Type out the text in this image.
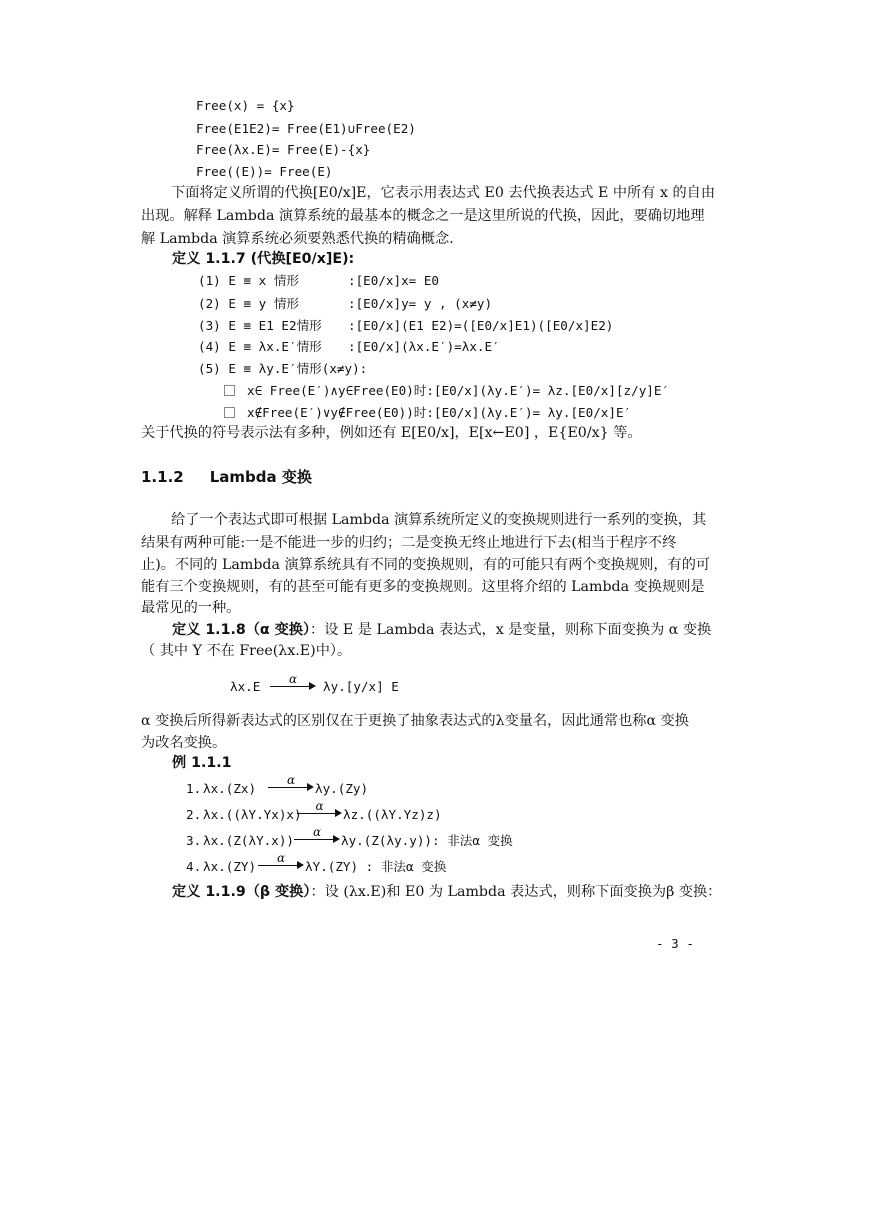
Free(x) = {x}
Free(E1E2)= Free(E1)∪Free(E2)
Free(λx.E)= Free(E)-{x}
Free((E))= Free(E)
下面将定义所谓的代换[E0/x]E，它表示用表达式 E0 去代换表达式 E 中所有 x 的自由
出现。解释 Lambda 演算系统的最基本的概念之一是这里所说的代换，因此，要确切地理
解 Lambda 演算系统必须要熟悉代换的精确概念.
定义 1.1.7 (代换[E0/x]E):
(1) E ≡ x 情形	:[E0/x]x= E0
(2) E ≡ y 情形	:[E0/x]y= y , (x≠y)
(3) E ≡ E1 E2情形 :[E0/x](E1 E2)=([E0/x]E1)([E0/x]E2)
(4) E ≡ λx.E′情形 :[E0/x](λx.E′)=λx.E′
(5) E ≡ λy.E′情形(x≠y):
x∈ Free(E′)∧y∈Free(E0)时:[E0/x](λy.E′)= λz.[E0/x][z/y]E′
x∉Free(E′)∨y∉Free(E0))时:[E0/x](λy.E′)= λy.[E0/x]E′
关于代换的符号表示法有多种，例如还有 E[E0/x]，E[x←E0] ，E{E0/x} 等。
1.1.2 Lambda 变换
给了一个表达式即可根据 Lambda 演算系统所定义的变换规则进行一系列的变换，其
结果有两种可能:一是不能进一步的归约；二是变换无终止地进行下去(相当于程序不终
止)。不同的 Lambda 演算系统具有不同的变换规则，有的可能只有两个变换规则，有的可
能有三个变换规则，有的甚至可能有更多的变换规则。这里将介绍的 Lambda 变换规则是
最常见的一种。
定义 1.1.8（α 变换）：设 E 是 Lambda 表达式，x 是变量，则称下面变换为 α 变换
（ 其中 Y 不在 Free(λx.E)中）。
λx.E	α	λy.[y/x] E
α 变换后所得新表达式的区别仅在于更换了抽象表达式的λ变量名，因此通常也称α 变换
为改名变换。
例 1.1.1
1. λx.(Zx)
α
λy.(Zy)
2. λx.((λY.Yx)x)
α
λz.((λY.Yz)z)
3. λx.(Z(λY.x))
α
λy.(Z(λy.y)): 非法α 变换
4. λx.(ZY)
α
λY.(ZY) : 非法α 变换
定义 1.1.9（β 变换）：设 (λx.E)和 E0 为 Lambda 表达式，则称下面变换为β 变换：
- 3 -
